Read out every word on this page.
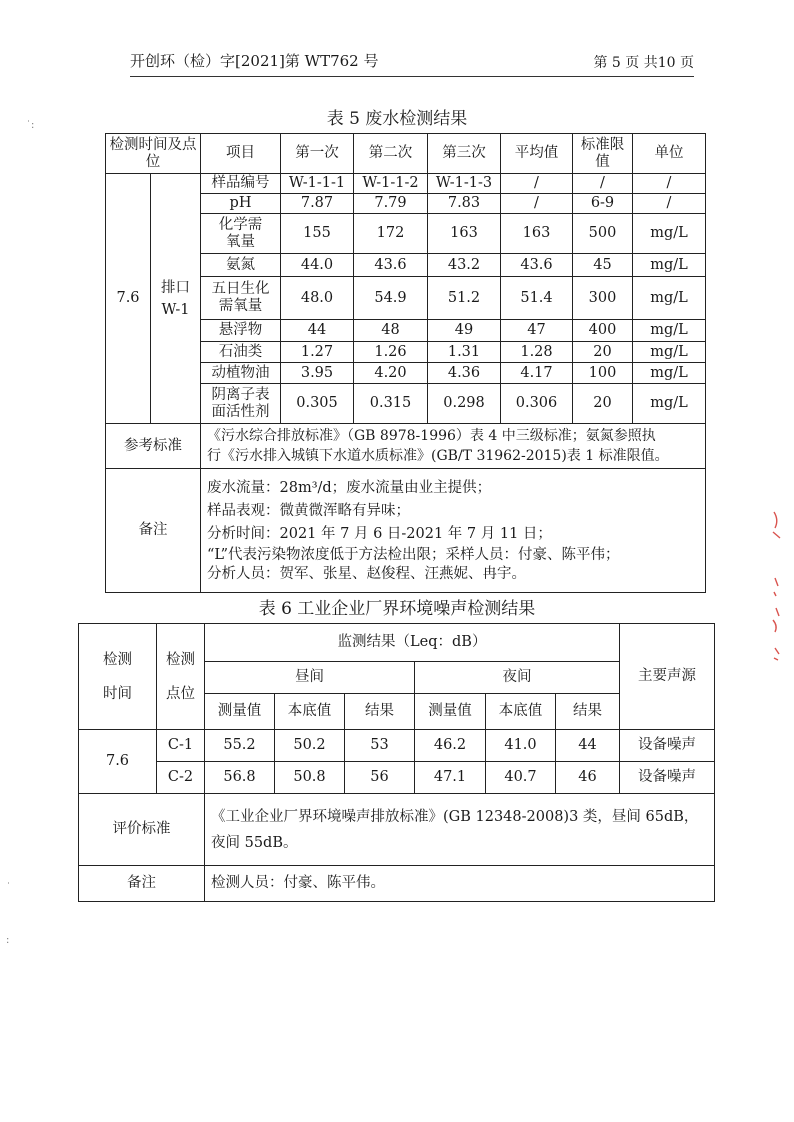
开创环（检）字[2021]第 WT762 号	第 5 页 共10 页
表 5 废水检测结果
检测时间及点位		项目	第一次	第二次	第三次	平均值	标准限值	单位
7.6	排口W-1	样品编号	W-1-1-1	W-1-1-2	W-1-1-3	/	/	/
		pH	7.87	7.79	7.83	/	6-9	/
		化学需氧量	155	172	163	163	500	mg/L
		氨氮	44.0	43.6	43.2	43.6	45	mg/L
		五日生化需氧量	48.0	54.9	51.2	51.4	300	mg/L
		悬浮物	44	48	49	47	400	mg/L
		石油类	1.27	1.26	1.31	1.28	20	mg/L
		动植物油	3.95	4.20	4.36	4.17	100	mg/L
		阴离子表面活性剂	0.305	0.315	0.298	0.306	20	mg/L
参考标准		《污水综合排放标准》（GB 8978-1996）表 4 中三级标准；氨氮参照执
行《污水排入城镇下水道水质标准》(GB/T 31962-2015)表 1 标准限值。						

备注		废水流量：28m³/d；废水流量由业主提供；
样品表观：微黄微浑略有异味；
分析时间：2021 年 7 月 6 日-2021 年 7 月 11 日；
“L”代表污染物浓度低于方法检出限；采样人员：付豪、陈平伟；
分析人员：贺军、张星、赵俊程、汪燕妮、冉宇。						
表 6 工业企业厂界环境噪声检测结果
检测时间	检测点位	监测结果（Leq：dB）						主要声源
		昼间			夜间			
		测量值	本底值	结果	测量值	本底值	结果	
7.6	C-1	55.2	50.2	53	46.2	41.0	44	设备噪声
	C-2	56.8	50.8	56	47.1	40.7	46	设备噪声
评价标准		《工业企业厂界环境噪声排放标准》(GB 12348-2008)3 类，昼间 65dB，
夜间 55dB。						

备注		检测人员：付豪、陈平伟。						
˙:
˙
:
